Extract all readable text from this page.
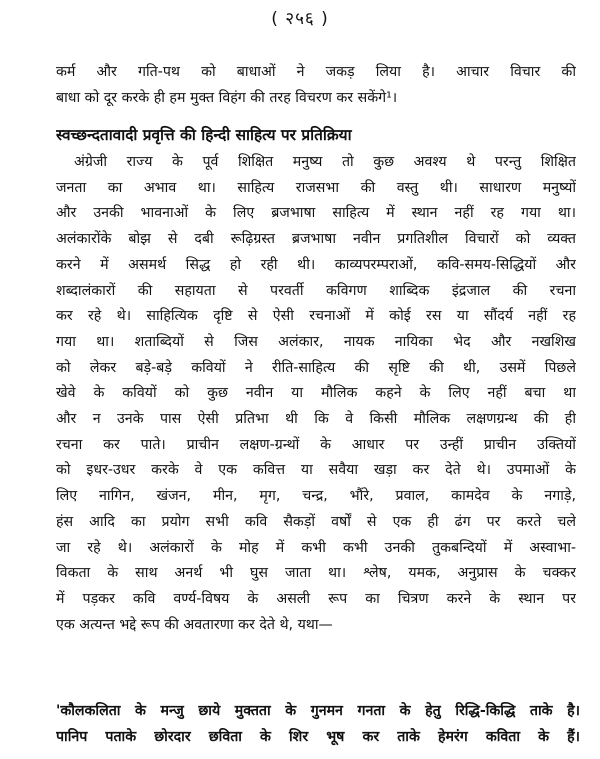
( २५६ )

कर्म और गति-पथ को बाधाओं ने जकड़ लिया है। आचार विचार की
बाधा को दूर करके ही हम मुक्त विहंग की तरह विचरण कर सकेंगे¹।

स्वच्छन्दतावादी प्रवृत्ति की हिन्दी साहित्य पर प्रतिक्रिया

अंग्रेजी राज्य के पूर्व शिक्षित मनुष्य तो कुछ अवश्य थे परन्तु शिक्षित
जनता का अभाव था। साहित्य राजसभा की वस्तु थी। साधारण मनुष्यों
और उनकी भावनाओं के लिए ब्रजभाषा साहित्य में स्थान नहीं रह गया था।
अलंकारोंके बोझ से दबी रूढ़िग्रस्त ब्रजभाषा नवीन प्रगतिशील विचारों को व्यक्त
करने में असमर्थ सिद्ध हो रही थी। काव्यपरम्पराओं, कवि-समय-सिद्धियों और
शब्दालंकारों की सहायता से परवर्ती कविगण शाब्दिक इंद्रजाल की रचना
कर रहे थे। साहित्यिक दृष्टि से ऐसी रचनाओं में कोई रस या सौंदर्य नहीं रह
गया था। शताब्दियों से जिस अलंकार, नायक नायिका भेद और नखशिख
को लेकर बड़े-बड़े कवियों ने रीति-साहित्य की सृष्टि की थी, उसमें पिछले
खेवे के कवियों को कुछ नवीन या मौलिक कहने के लिए नहीं बचा था
और न उनके पास ऐसी प्रतिभा थी कि वे किसी मौलिक लक्षणग्रन्थ की ही
रचना कर पाते। प्राचीन लक्षण-ग्रन्थों के आधार पर उन्हीं प्राचीन उक्तियों
को इधर-उधर करके वे एक कवित्त या सवैया खड़ा कर देते थे। उपमाओं के
लिए नागिन, खंजन, मीन, मृग, चन्द्र, भौंरे, प्रवाल, कामदेव के नगाड़े,
हंस आदि का प्रयोग सभी कवि सैकड़ों वर्षों से एक ही ढंग पर करते चले
जा रहे थे। अलंकारों के मोह में कभी कभी उनकी तुकबन्दियों में अस्वाभा-
विकता के साथ अनर्थ भी घुस जाता था। श्लेष, यमक, अनुप्रास के चक्कर
में पड़कर कवि वर्ण्य-विषय के असली रूप का चित्रण करने के स्थान पर
एक अत्यन्त भद्दे रूप की अवतारणा कर देते थे, यथा—

'कौलकलिता के मन्जु छाये मुक्तता के गुनमन गनता के हेतु रिद्धि-किद्धि ताके है।
पानिप पताके छोरदार छविता के शिर भूष कर ताके हेमरंग कविता के हैं।
